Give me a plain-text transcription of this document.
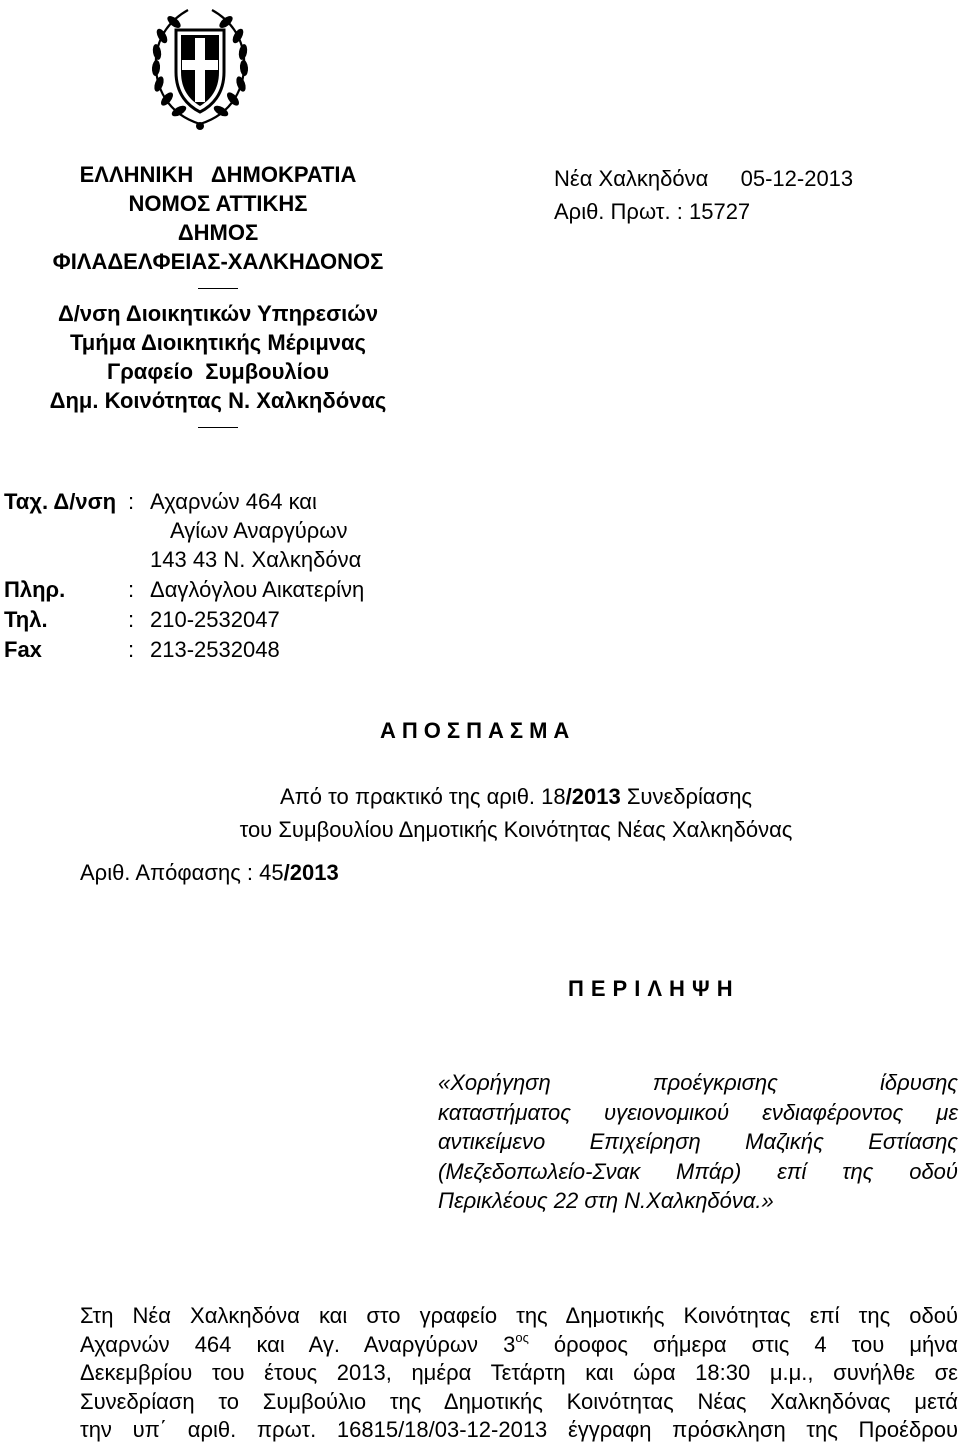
ΕΛΛΗΝΙΚΗ   ΔΗΜΟΚΡΑΤΙΑ
ΝΟΜΟΣ ΑΤΤΙΚΗΣ
ΔΗΜΟΣ
ΦΙΛΑΔΕΛΦΕΙΑΣ-ΧΑΛΚΗΔΟΝΟΣ
Δ/νση Διοικητικών Υπηρεσιών
Τμήμα Διοικητικής Μέριμνας
Γραφείο  Συμβουλίου
Δημ. Κοινότητας Ν. Χαλκηδόνας
Νέα Χαλκηδόνα 05-12-2013
Αριθ. Πρωτ. : 15727
Ταχ. Δ/νση : Αχαρνών 464 και
Αγίων Αναργύρων
143 43 Ν. Χαλκηδόνα
Πληρ.	: Δαγλόγλου Αικατερίνη
Τηλ.	: 210-2532047
Fax	: 213-2532048
ΑΠΟΣΠΑΣΜΑ
Από το πρακτικό της αριθ. 18/2013 Συνεδρίασης
του Συμβουλίου Δημοτικής Κοινότητας Νέας Χαλκηδόνας
Αριθ. Απόφασης : 45/2013
ΠΕΡΙΛΗΨΗ
«Χορήγηση προέγκρισης ίδρυσης
καταστήματος υγειονομικού ενδιαφέροντος με
αντικείμενο Επιχείρηση Μαζικής Εστίασης
(Μεζεδοπωλείο-Σνακ Μπάρ) επί της οδού
Περικλέους 22 στη Ν.Χαλκηδόνα.»
Στη Νέα Χαλκηδόνα και στο γραφείο της Δημοτικής Κοινότητας επί της οδού
Αχαρνών 464 και Αγ. Αναργύρων $3^{o\varsigma}$ όροφος σήμερα στις 4 του μήνα
Δεκεμβρίου του έτους 2013, ημέρα Τετάρτη και ώρα 18:30 μ.μ., συνήλθε σε
Συνεδρίαση το Συμβούλιο της Δημοτικής Κοινότητας Νέας Χαλκηδόνας μετά
την υπ΄ αριθ. πρωτ. 16815/18/03-12-2013 έγγραφη πρόσκληση της Προέδρου
